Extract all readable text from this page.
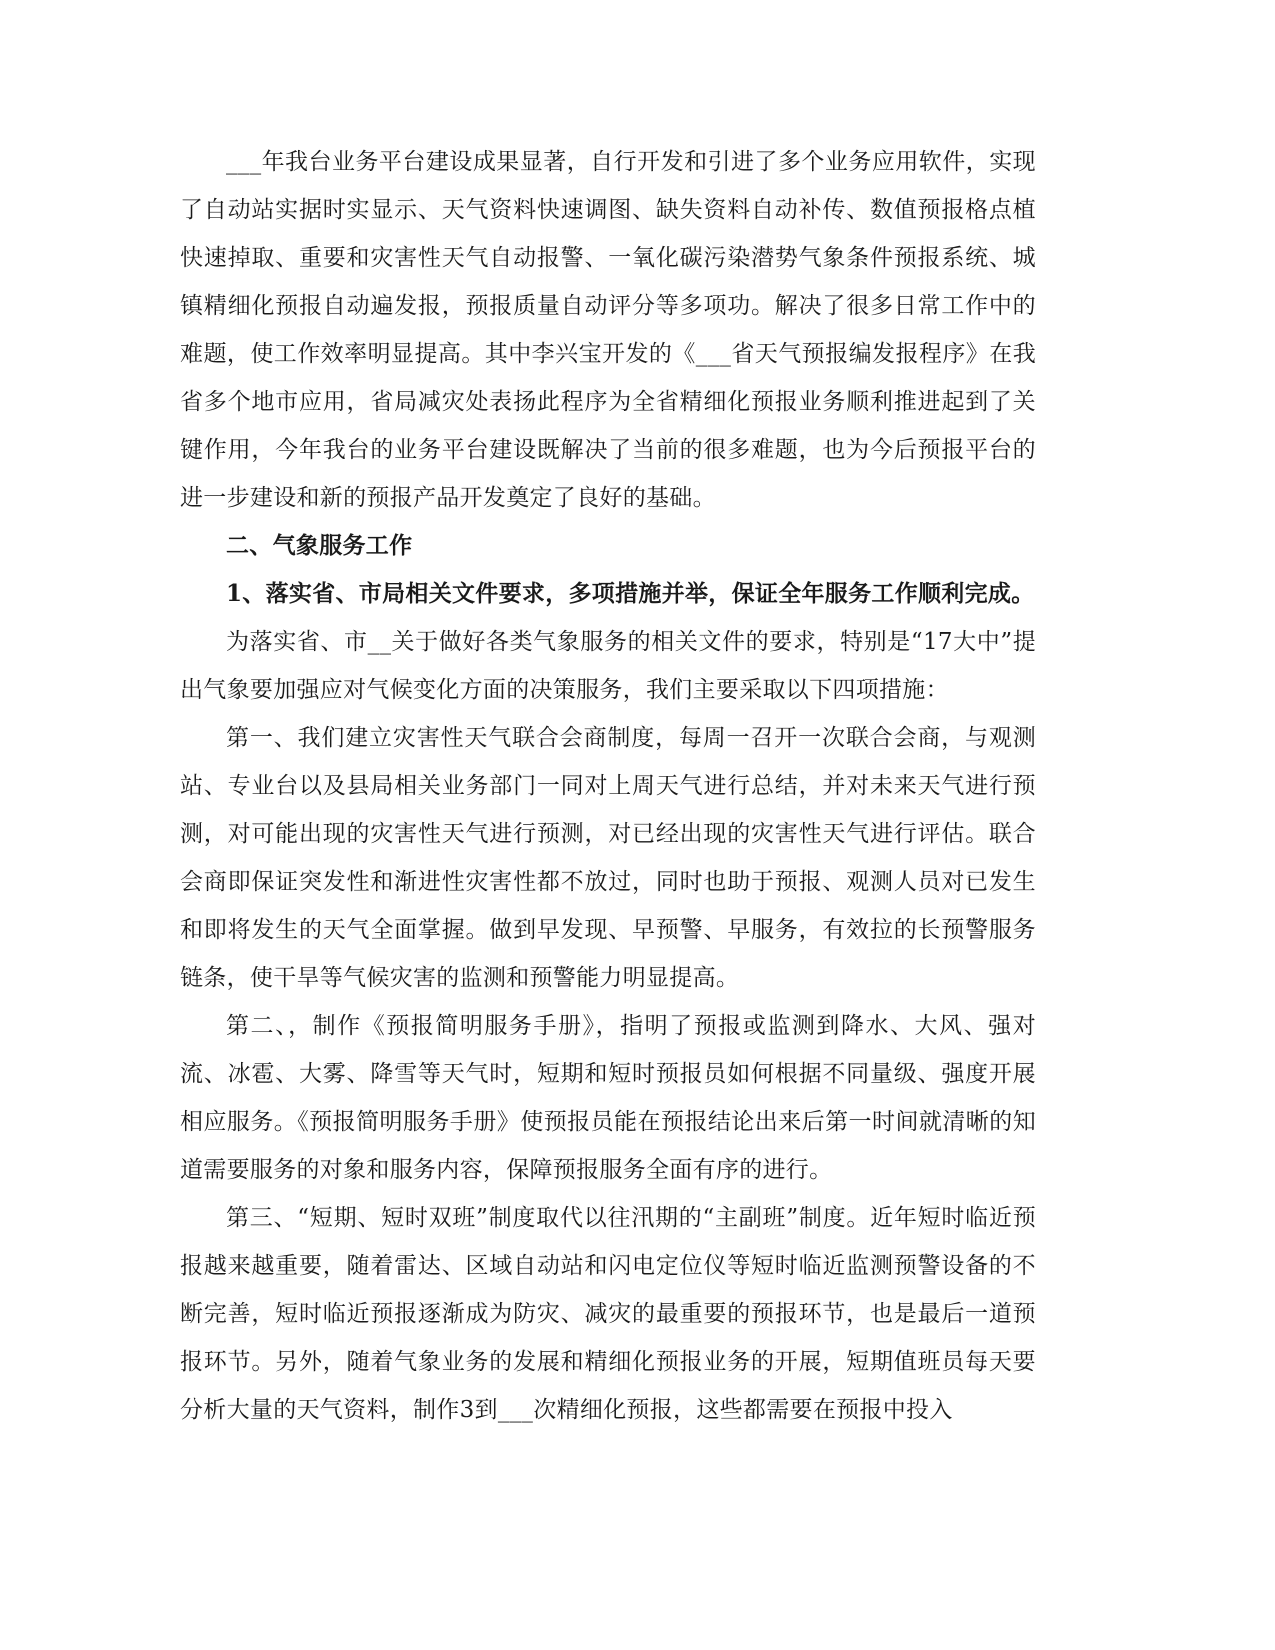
___年我台业务平台建设成果显著，自行开发和引进了多个业务应用软件，实现了自动站实据时实显示、天气资料快速调图、缺失资料自动补传、数值预报格点植快速掉取、重要和灾害性天气自动报警、一氧化碳污染潜势气象条件预报系统、城镇精细化预报自动遍发报，预报质量自动评分等多项功。解决了很多日常工作中的难题，使工作效率明显提高。其中李兴宝开发的《___省天气预报编发报程序》在我省多个地市应用，省局减灾处表扬此程序为全省精细化预报业务顺利推进起到了关键作用，今年我台的业务平台建设既解决了当前的很多难题，也为今后预报平台的进一步建设和新的预报产品开发奠定了良好的基础。

二、气象服务工作

1、落实省、市局相关文件要求，多项措施并举，保证全年服务工作顺利完成。

为落实省、市__关于做好各类气象服务的相关文件的要求，特别是“17大中”提出气象要加强应对气候变化方面的决策服务，我们主要采取以下四项措施：

第一、我们建立灾害性天气联合会商制度，每周一召开一次联合会商，与观测站、专业台以及县局相关业务部门一同对上周天气进行总结，并对未来天气进行预测，对可能出现的灾害性天气进行预测，对已经出现的灾害性天气进行评估。联合会商即保证突发性和渐进性灾害性都不放过，同时也助于预报、观测人员对已发生和即将发生的天气全面掌握。做到早发现、早预警、早服务，有效拉的长预警服务链条，使干旱等气候灾害的监测和预警能力明显提高。

第二、，制作《预报简明服务手册》，指明了预报或监测到降水、大风、强对流、冰雹、大雾、降雪等天气时，短期和短时预报员如何根据不同量级、强度开展相应服务。《预报简明服务手册》使预报员能在预报结论出来后第一时间就清晰的知道需要服务的对象和服务内容，保障预报服务全面有序的进行。

第三、“短期、短时双班”制度取代以往汛期的“主副班”制度。近年短时临近预报越来越重要，随着雷达、区域自动站和闪电定位仪等短时临近监测预警设备的不断完善，短时临近预报逐渐成为防灾、减灾的最重要的预报环节，也是最后一道预报环节。另外，随着气象业务的发展和精细化预报业务的开展，短期值班员每天要分析大量的天气资料，制作3到___次精细化预报，这些都需要在预报中投入
